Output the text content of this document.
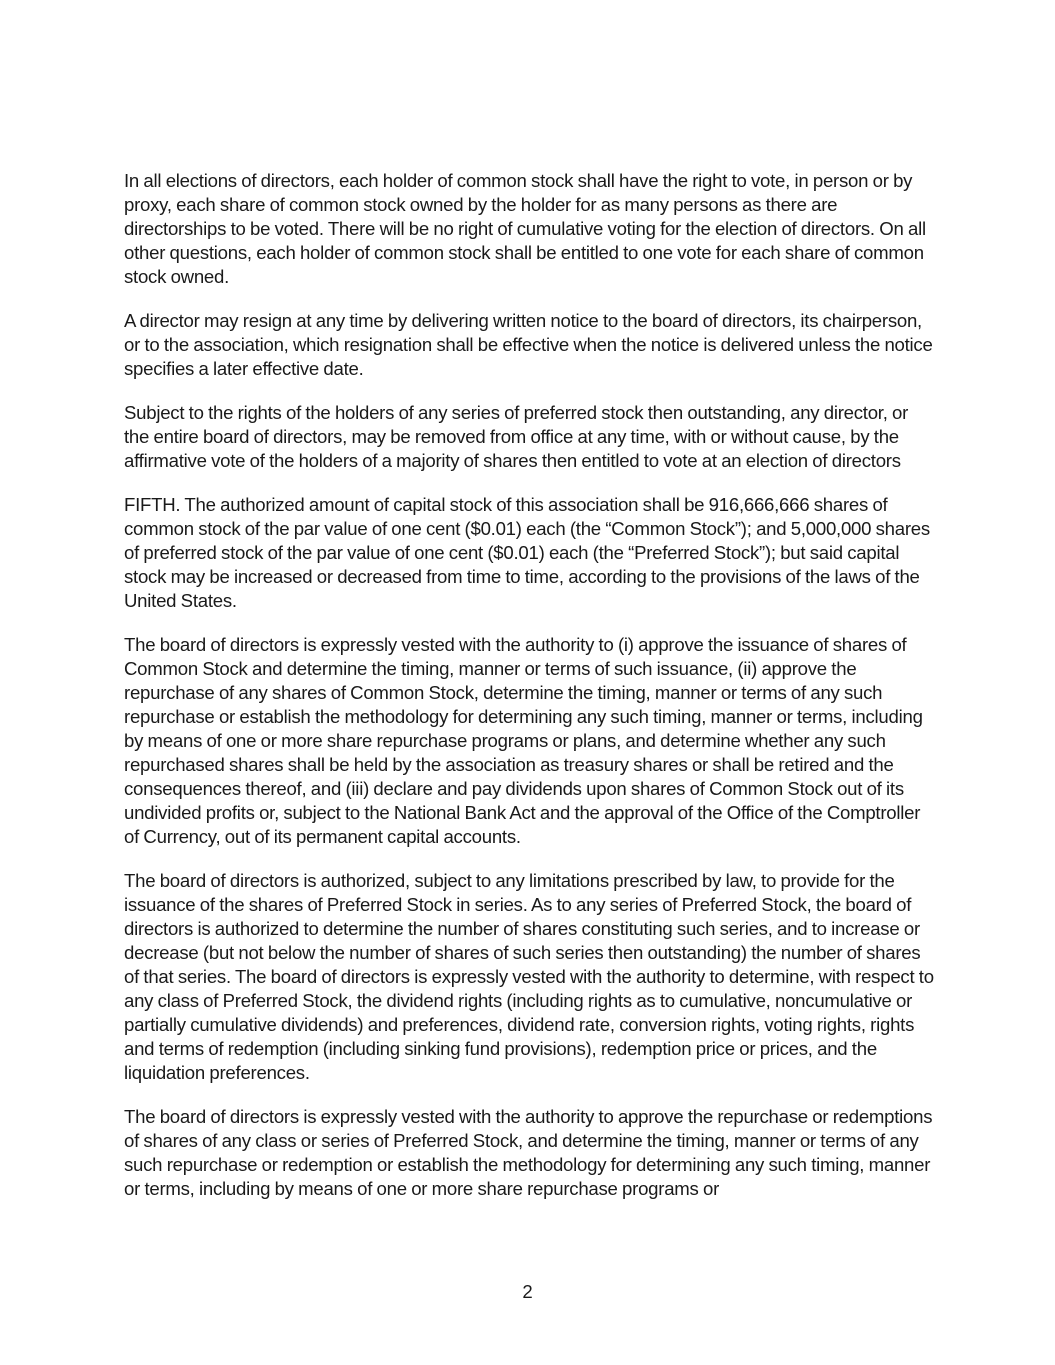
In all elections of directors, each holder of common stock shall have the right to vote, in person or by proxy, each share of common stock owned by the holder for as many persons as there are directorships to be voted. There will be no right of cumulative voting for the election of directors. On all other questions, each holder of common stock shall be entitled to one vote for each share of common stock owned.

A director may resign at any time by delivering written notice to the board of directors, its chairperson, or to the association, which resignation shall be effective when the notice is delivered unless the notice specifies a later effective date.

Subject to the rights of the holders of any series of preferred stock then outstanding, any director, or the entire board of directors, may be removed from office at any time, with or without cause, by the affirmative vote of the holders of a majority of shares then entitled to vote at an election of directors

FIFTH. The authorized amount of capital stock of this association shall be 916,666,666 shares of common stock of the par value of one cent ($0.01) each (the “Common Stock”); and 5,000,000 shares of preferred stock of the par value of one cent ($0.01) each (the “Preferred Stock”); but said capital stock may be increased or decreased from time to time, according to the provisions of the laws of the United States.

The board of directors is expressly vested with the authority to (i) approve the issuance of shares of Common Stock and determine the timing, manner or terms of such issuance, (ii) approve the repurchase of any shares of Common Stock, determine the timing, manner or terms of any such repurchase or establish the methodology for determining any such timing, manner or terms, including by means of one or more share repurchase programs or plans, and determine whether any such repurchased shares shall be held by the association as treasury shares or shall be retired and the consequences thereof, and (iii) declare and pay dividends upon shares of Common Stock out of its undivided profits or, subject to the National Bank Act and the approval of the Office of the Comptroller of Currency, out of its permanent capital accounts.

The board of directors is authorized, subject to any limitations prescribed by law, to provide for the issuance of the shares of Preferred Stock in series. As to any series of Preferred Stock, the board of directors is authorized to determine the number of shares constituting such series, and to increase or decrease (but not below the number of shares of such series then outstanding) the number of shares of that series. The board of directors is expressly vested with the authority to determine, with respect to any class of Preferred Stock, the dividend rights (including rights as to cumulative, noncumulative or partially cumulative dividends) and preferences, dividend rate, conversion rights, voting rights, rights and terms of redemption (including sinking fund provisions), redemption price or prices, and the liquidation preferences.

The board of directors is expressly vested with the authority to approve the repurchase or redemptions of shares of any class or series of Preferred Stock, and determine the timing, manner or terms of any such repurchase or redemption or establish the methodology for determining any such timing, manner or terms, including by means of one or more share repurchase programs or

2
